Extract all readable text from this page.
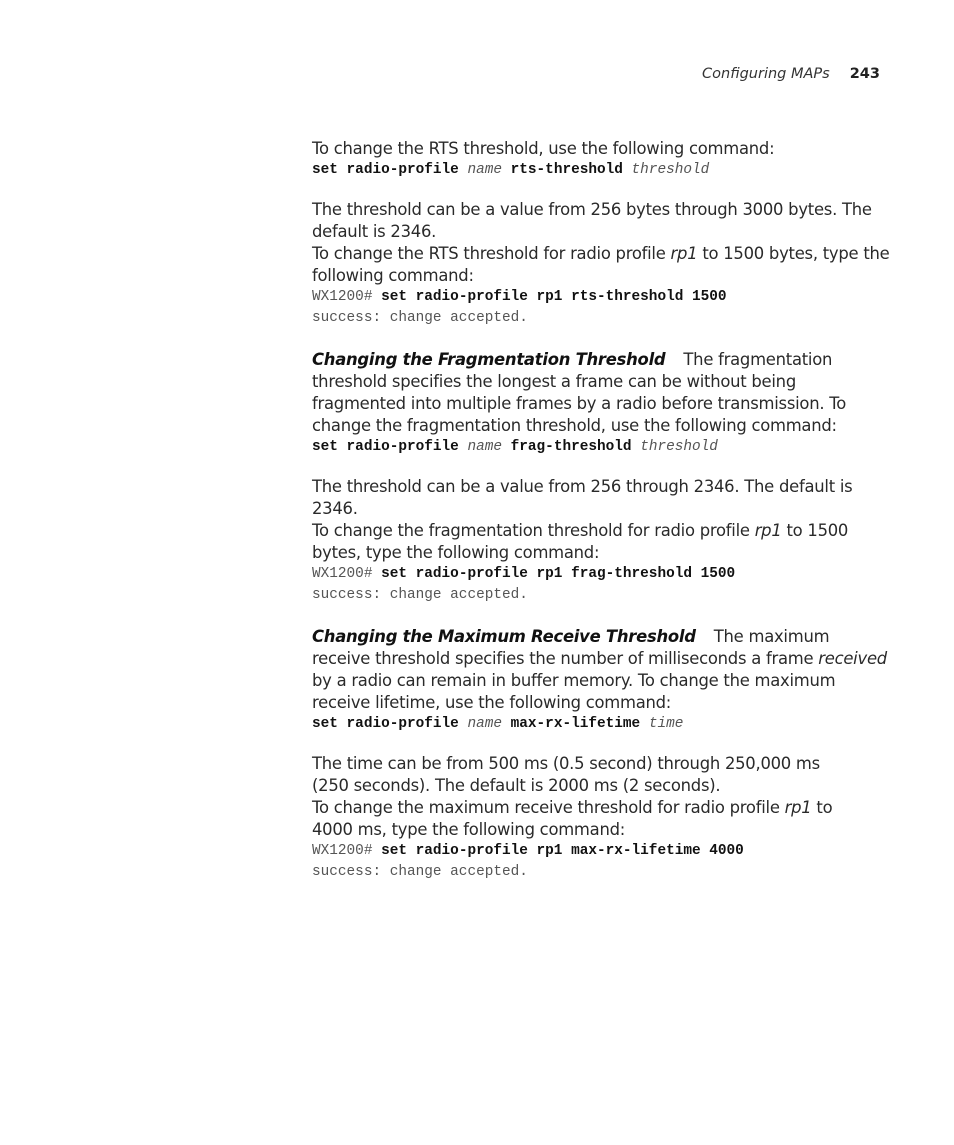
Configuring MAPs 243

To change the RTS threshold, use the following command:

set radio-profile name rts-threshold threshold

The threshold can be a value from 256 bytes through 3000 bytes. The default is 2346.

To change the RTS threshold for radio profile rp1 to 1500 bytes, type the following command:

WX1200# set radio-profile rp1 rts-threshold 1500

success: change accepted.

Changing the Fragmentation Threshold The fragmentation threshold specifies the longest a frame can be without being fragmented into multiple frames by a radio before transmission. To change the fragmentation threshold, use the following command:

set radio-profile name frag-threshold threshold

The threshold can be a value from 256 through 2346. The default is 2346.

To change the fragmentation threshold for radio profile rp1 to 1500 bytes, type the following command:

WX1200# set radio-profile rp1 frag-threshold 1500

success: change accepted.

Changing the Maximum Receive Threshold The maximum receive threshold specifies the number of milliseconds a frame received by a radio can remain in buffer memory. To change the maximum receive lifetime, use the following command:

set radio-profile name max-rx-lifetime time

The time can be from 500 ms (0.5 second) through 250,000 ms (250 seconds). The default is 2000 ms (2 seconds).

To change the maximum receive threshold for radio profile rp1 to 4000 ms, type the following command:

WX1200# set radio-profile rp1 max-rx-lifetime 4000

success: change accepted.
